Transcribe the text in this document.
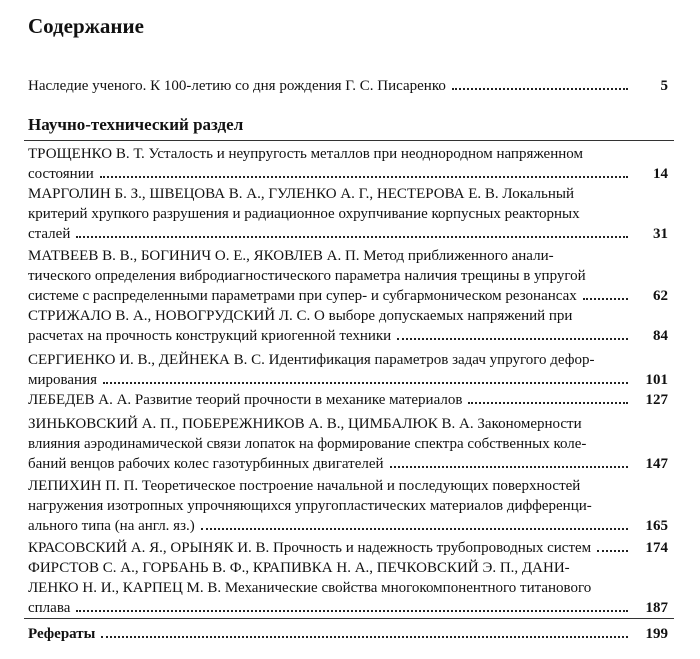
Содержание
Наследие ученого. К 100-летию со дня рождения Г. С. Писаренко	5
Научно-технический раздел
ТРОЩЕНКО В. Т. Усталость и неупругость металлов при неоднородном напряженном
состоянии	14
МАРГОЛИН Б. З., ШВЕЦОВА В. А., ГУЛЕНКО А. Г., НЕСТЕРОВА Е. В. Локальный
критерий хрупкого разрушения и радиационное охрупчивание корпусных реакторных
сталей	31
МАТВЕЕВ В. В., БОГИНИЧ О. Е., ЯКОВЛЕВ А. П. Метод приближенного анали-
тического определения вибродиагностического параметра наличия трещины в упругой
системе с распределенными параметрами при супер- и субгармоническом резонансах	62
СТРИЖАЛО В. А., НОВОГРУДСКИЙ Л. С. О выборе допускаемых напряжений при
расчетах на прочность конструкций криогенной техники	84
СЕРГИЕНКО И. В., ДЕЙНЕКА В. С. Идентификация параметров задач упругого дефор-
мирования	101
ЛЕБЕДЕВ А. А. Развитие теорий прочности в механике материалов	127
ЗИНЬКОВСКИЙ А. П., ПОБЕРЕЖНИКОВ А. В., ЦИМБАЛЮК В. А. Закономерности
влияния аэродинамической связи лопаток на формирование спектра собственных коле-
баний венцов рабочих колес газотурбинных двигателей	147
ЛЕПИХИН П. П. Теоретическое построение начальной и последующих поверхностей
нагружения изотропных упрочняющихся упругопластических материалов дифференци-
ального типа (на англ. яз.)	165
КРАСОВСКИЙ А. Я., ОРЫНЯК И. В. Прочность и надежность трубопроводных систем	174
ФИРСТОВ С. А., ГОРБАНЬ В. Ф., КРАПИВКА Н. А., ПЕЧКОВСКИЙ Э. П., ДАНИ-
ЛЕНКО Н. И., КАРПЕЦ М. В. Механические свойства многокомпонентного титанового
сплава	187
Рефераты	199
